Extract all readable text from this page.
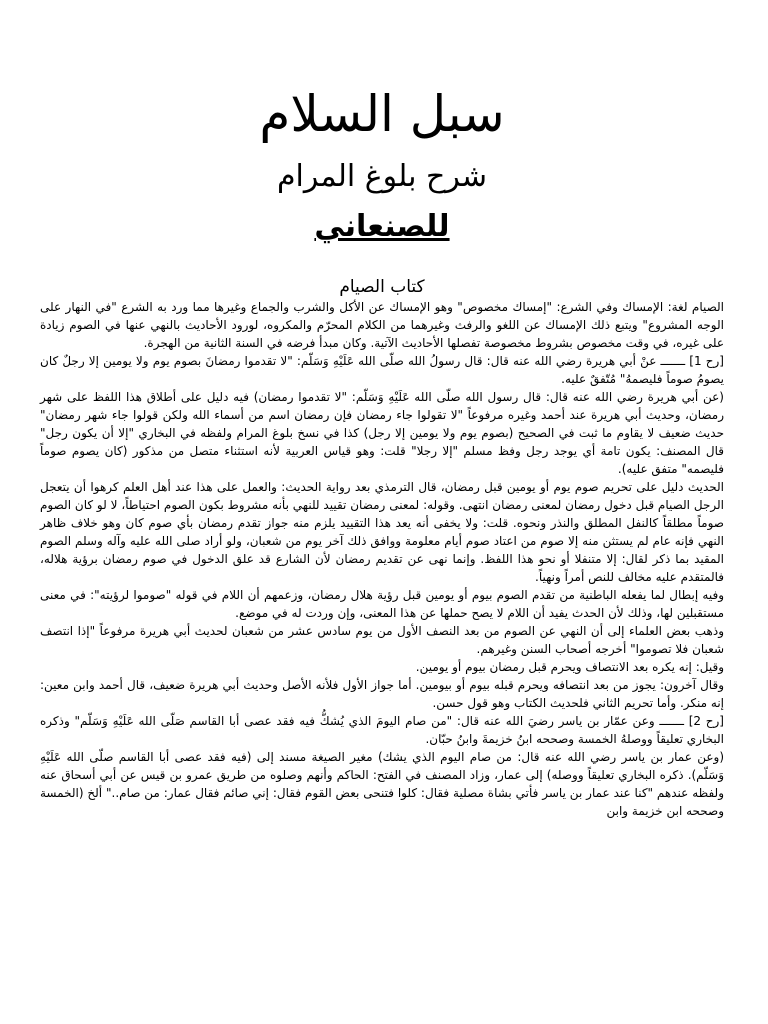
سبل السلام
شرح بلوغ المرام
للصنعاني
كتاب الصيام

الصيام لغة: الإمساك وفي الشرع: "إمساك مخصوص" وهو الإمساك عن الأكل والشرب والجماع وغيرها مما ورد به الشرع "في النهار على الوجه المشروع" ويتبع ذلك الإمساك عن اللغو والرفث وغيرهما من الكلام المحرّم والمكروه، لورود الأحاديث بالنهي عنها في الصوم زيادة على غيره، في وقت مخصوص بشروط مخصوصة تفصلها الأحاديث الآتية. وكان مبدأ فرضه في السنة الثانية من الهجرة.

[رح 1] ـــــــ عنْ أبي هريرة رضي الله عنه قال: قال رسولُ الله صلّى الله عَلَيْهِ وَسَلّم: "لا تقدموا رمضانَ بصوم يوم ولا يومين إلا رجلٌ كان يصومُ صوماً فليصمهُ" مُتّفقٌ عليه.

(عن أبي هريرة رضي الله عنه قال: قال رسول الله صلّى الله عَلَيْهِ وَسَلّم: "لا تقدموا رمضان) فيه دليل على أطلاق هذا اللفظ على شهر رمضان، وحديث أبي هريرة عند أحمد وغيره مرفوعاً "لا تقولوا جاء رمضان فإن رمضان اسم من أسماء الله ولكن قولوا جاء شهر رمضان" حديث ضعيف لا يقاوم ما ثبت في الصحيح (بصوم يوم ولا يومين إلا رجل) كذا في نسخ بلوغ المرام ولفظه في البخاري "إلا أن يكون رجل" قال المصنف: يكون تامة أي يوجد رجل وفظ مسلم "إلا رجلا" قلت: وهو قياس العربية لأنه استثناء متصل من مذكور (كان يصوم صوماً فليصمه" متفق عليه).

الحديث دليل على تحريم صوم يوم أو يومين قبل رمضان، قال الترمذي بعد رواية الحديث: والعمل على هذا عند أهل العلم كرهوا أن يتعجل الرجل الصيام قبل دخول رمضان لمعنى رمضان انتهى. وقوله: لمعنى رمضان تقييد للنهي بأنه مشروط بكون الصوم احتياطاً، لا لو كان الصوم صوماً مطلقاً كالنفل المطلق والنذر ونحوه. قلت: ولا يخفى أنه يعد هذا التقييد يلزم منه جواز تقدم رمضان بأي صوم كان وهو خلاف ظاهر النهي فإنه عام لم يستثن منه إلا صوم من اعتاد صوم أيام معلومة ووافق ذلك آخر يوم من شعبان، ولو أراد صلى الله عليه وآله وسلم الصوم المقيد بما ذكر لقال: إلا متنفلا أو نحو هذا اللفظ. وإنما نهى عن تقديم رمضان لأن الشارع قد علق الدخول في صوم رمضان برؤية هلاله، فالمتقدم عليه مخالف للنص أمراً ونهياً.

وفيه إبطال لما يفعله الباطنية من تقدم الصوم بيوم أو يومين قبل رؤية هلال رمضان، وزعمهم أن اللام في قوله "صوموا لرؤيته": في معنى مستقبلين لها، وذلك لأن الحدث يفيد أن اللام لا يصح حملها عن هذا المعنى، وإن وردت له في موضع.

وذهب بعض العلماء إلى أن النهي عن الصوم من بعد النصف الأول من يوم سادس عشر من شعبان لحديث أبي هريرة مرفوعاً "إذا انتصف شعبان فلا تصوموا" أخرجه أصحاب السنن وغيرهم.

وقيل: إنه يكره بعد الانتصاف ويحرم قبل رمضان بيوم أو يومين.

وقال آخرون: يجوز من بعد انتصافه ويحرم قبله بيوم أو بيومين. أما جواز الأول فلأنه الأصل وحديث أبي هريرة ضعيف، قال أحمد وابن معين: إنه منكر. وأما تحريم الثاني فلحديث الكتاب وهو قول حسن.

[رح 2] ـــــــ وعن عمّار بن ياسر رضيَ الله عنه قال: "من صام اليومَ الذي يُشكُّ فيه فقد عصى أبا القاسم صَلّى الله عَلَيْهِ وَسَلّم" وذكره البخاري تعليقاً ووصلهُ الخمسة وصححه ابنُ خزيمةَ وابنُ حبّان.

(وعن عمار بن ياسر رضي الله عنه قال: من صام اليوم الذي يشك) مغير الصيغة مسند إلى (فيه فقد عصى أبا القاسم صلّى الله عَلَيْهِ وَسَلّم). ذكره البخاري تعليقاً ووصله) إلى عمار، وزاد المصنف في الفتح: الحاكم وأنهم وصلوه من طريق عمرو بن قيس عن أبي أسحاق عنه ولفظه عندهم "كنا عند عمار بن ياسر فأتي بشاة مصلية فقال: كلوا فتنحى بعض القوم فقال: إني صائم فقال عمار: من صام.." ألخ (الخمسة وصححه ابن خزيمة وابن
